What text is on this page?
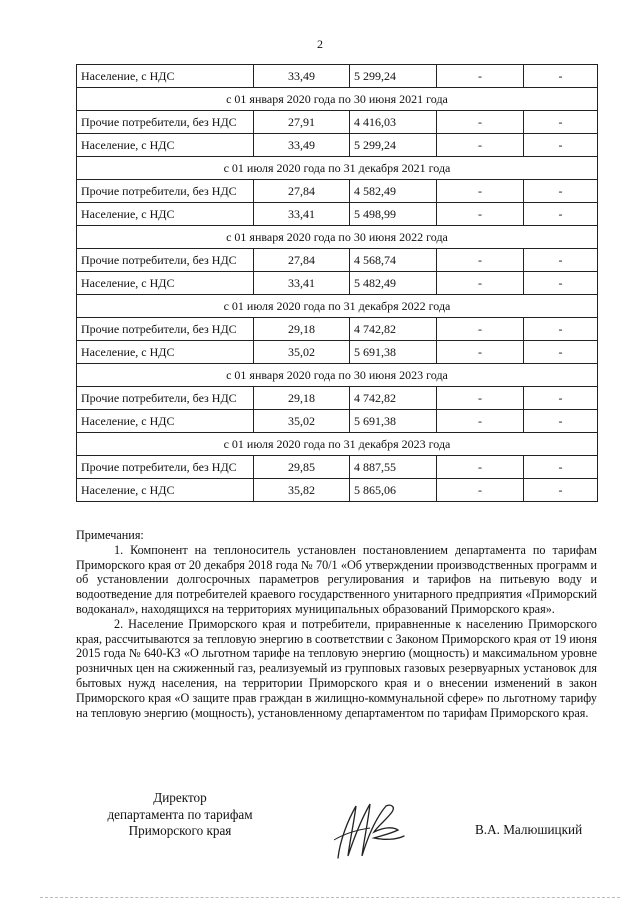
2
Население, с НДС	33,49	5 299,24	-	-
с 01 января 2020 года по 30 июня 2021 года				
Прочие потребители, без НДС	27,91	4 416,03	-	-
Население, с НДС	33,49	5 299,24	-	-
с 01 июля 2020 года по 31 декабря 2021 года				
Прочие потребители, без НДС	27,84	4 582,49	-	-
Население, с НДС	33,41	5 498,99	-	-
с 01 января 2020 года по 30 июня 2022 года				
Прочие потребители, без НДС	27,84	4 568,74	-	-
Население, с НДС	33,41	5 482,49	-	-
с 01 июля 2020 года по 31 декабря 2022 года				
Прочие потребители, без НДС	29,18	4 742,82	-	-
Население, с НДС	35,02	5 691,38	-	-
с 01 января 2020 года по 30 июня 2023 года				
Прочие потребители, без НДС	29,18	4 742,82	-	-
Население, с НДС	35,02	5 691,38	-	-
с 01 июля 2020 года по 31 декабря 2023 года				
Прочие потребители, без НДС	29,85	4 887,55	-	-
Население, с НДС	35,82	5 865,06	-	-

Примечания:

1. Компонент на теплоноситель установлен постановлением департамента по тарифам Приморского края от 20 декабря 2018 года № 70/1 «Об утверждении производственных программ и об установлении долгосрочных параметров регулирования и тарифов на питьевую воду и водоотведение для потребителей краевого государственного унитарного предприятия «Приморский водоканал», находящихся на территориях муниципальных образований Приморского края».

2. Население Приморского края и потребители, приравненные к населению Приморского края, рассчитываются за тепловую энергию в соответствии с Законом Приморского края от 19 июня 2015 года № 640-КЗ «О льготном тарифе на тепловую энергию (мощность) и максимальном уровне розничных цен на сжиженный газ, реализуемый из групповых газовых резервуарных установок для бытовых нужд населения, на территории Приморского края и о внесении изменений в закон Приморского края «О защите прав граждан в жилищно-коммунальной сфере» по льготному тарифу на тепловую энергию (мощность), установленному департаментом по тарифам Приморского края.

Директор
департамента по тарифам
Приморского края	В.А. Малюшицкий
